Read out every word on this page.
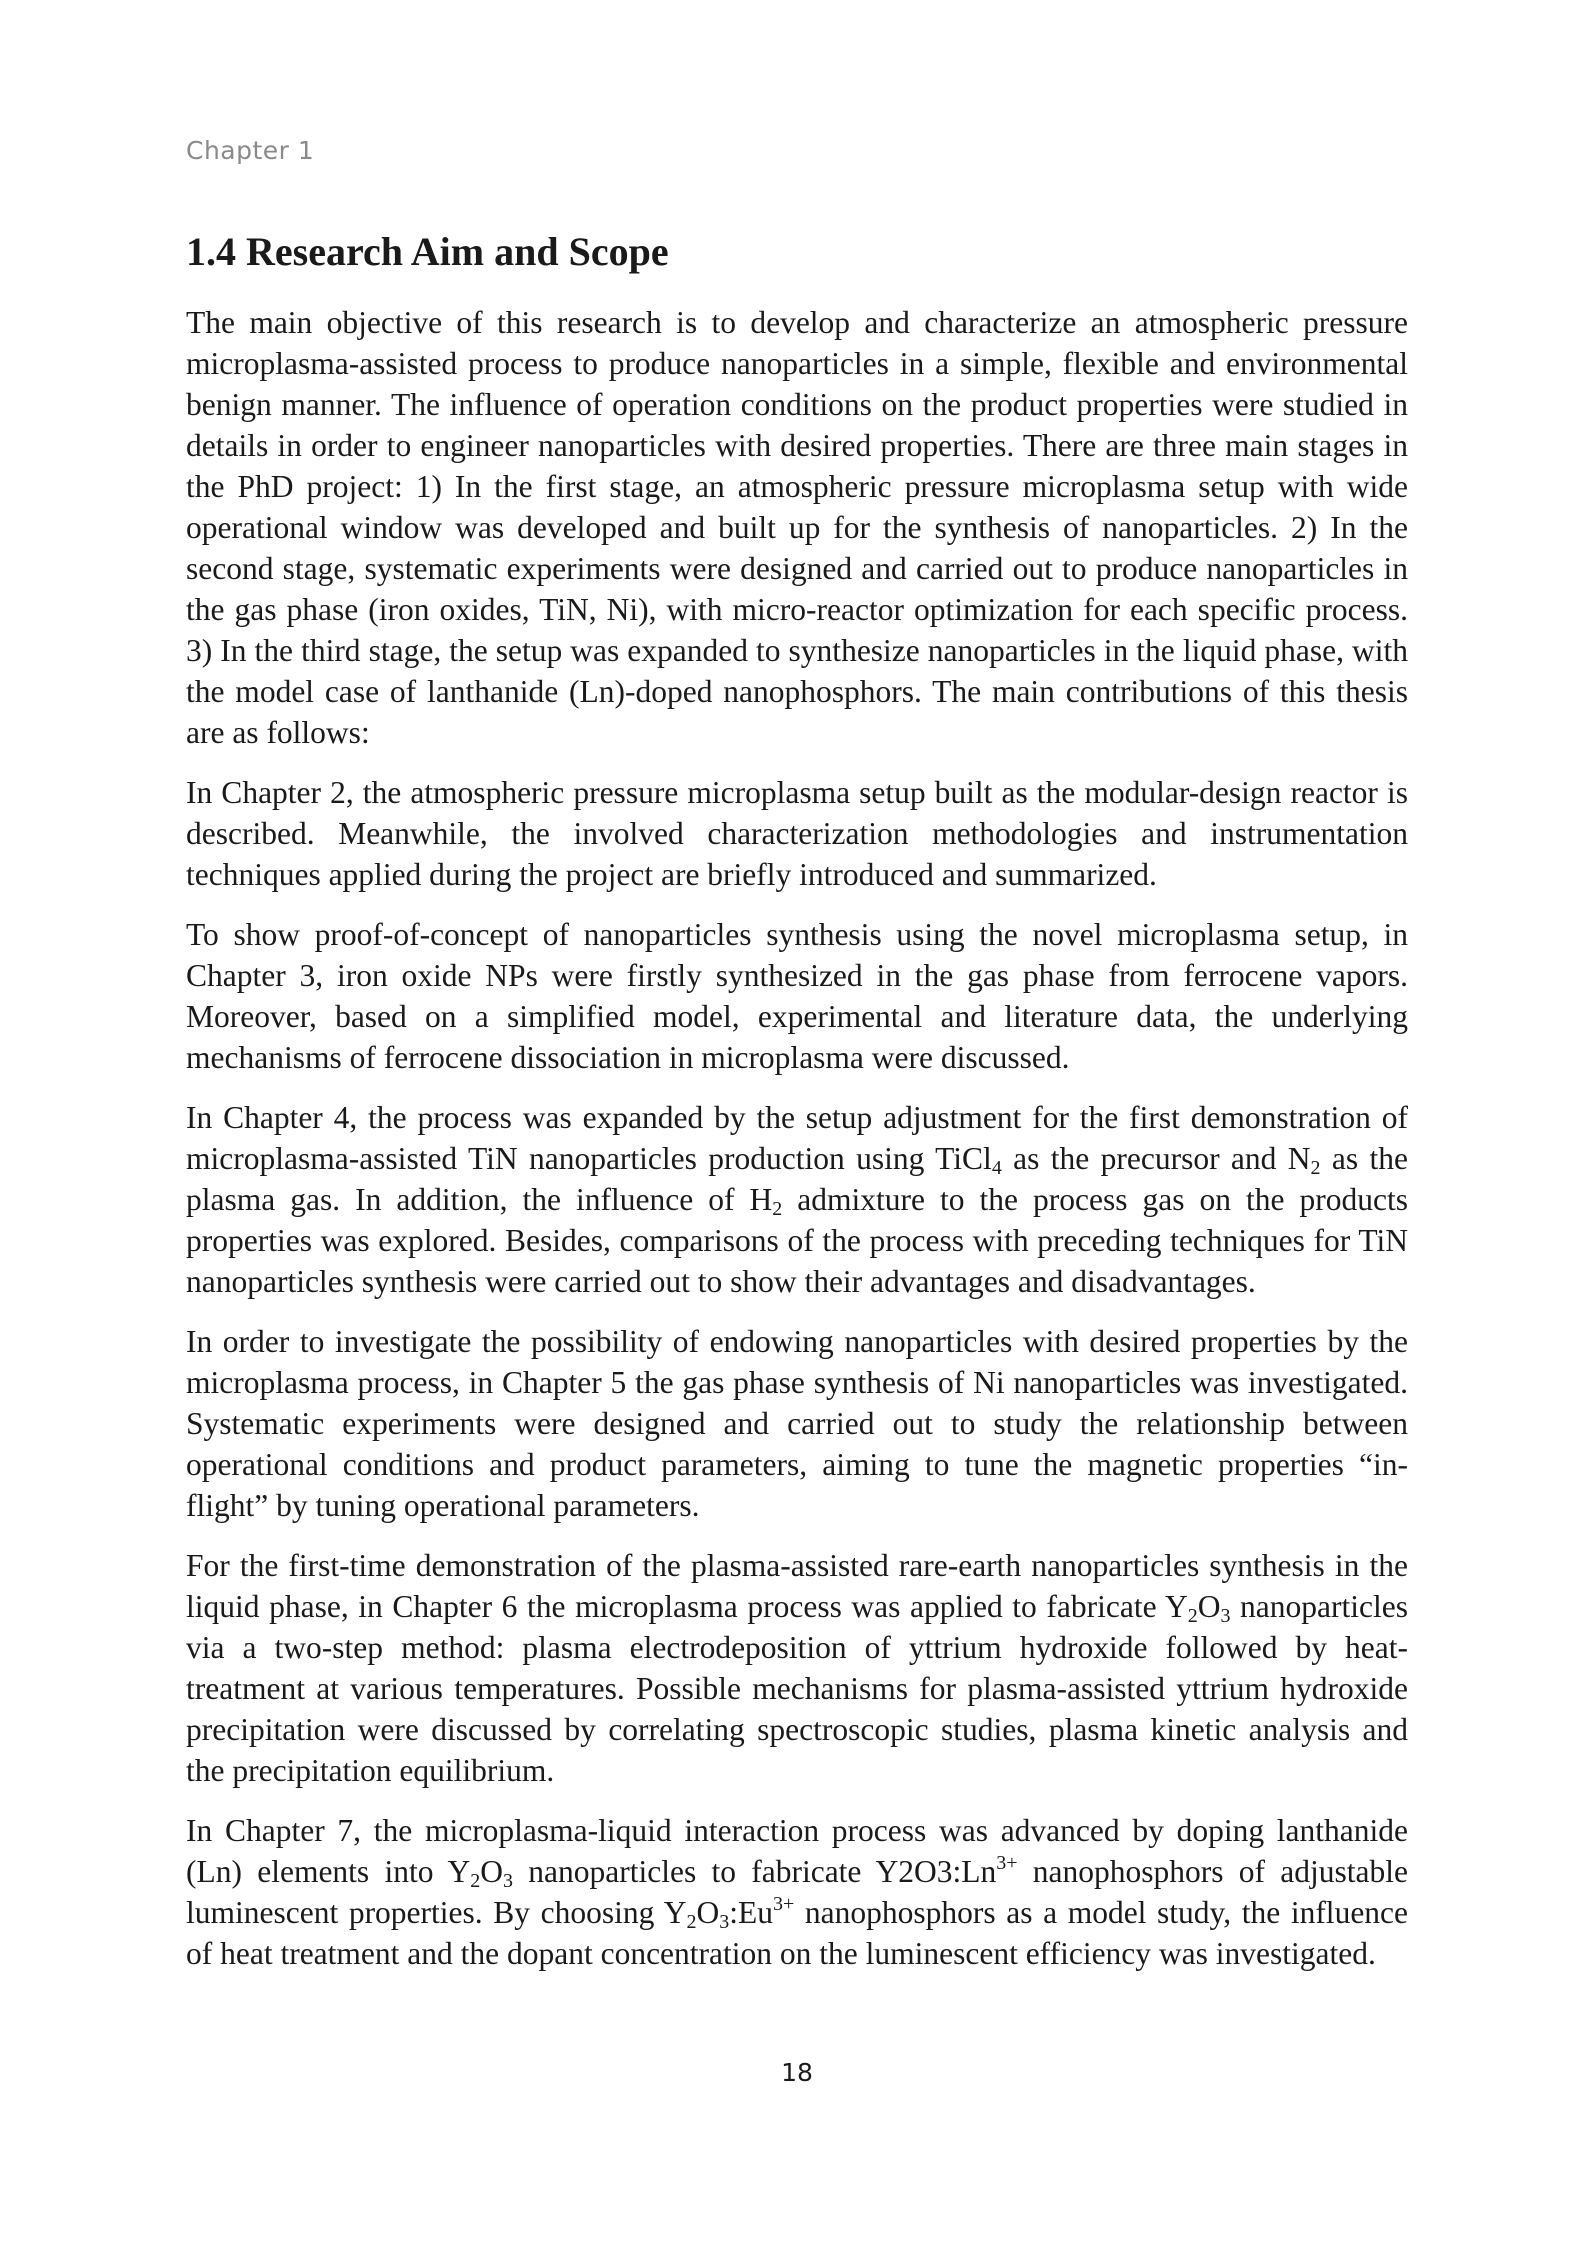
Chapter 1
1.4 Research Aim and Scope

The main objective of this research is to develop and characterize an atmospheric pressure microplasma-assisted process to produce nanoparticles in a simple, flexible and environmental benign manner. The influence of operation conditions on the product properties were studied in details in order to engineer nanoparticles with desired properties. There are three main stages in the PhD project: 1) In the first stage, an atmospheric pressure microplasma setup with wide operational window was developed and built up for the synthesis of nanoparticles. 2) In the second stage, systematic experiments were designed and carried out to produce nanoparticles in the gas phase (iron oxides, TiN, Ni), with micro-reactor optimization for each specific process. 3) In the third stage, the setup was expanded to synthesize nanoparticles in the liquid phase, with the model case of lanthanide (Ln)-doped nanophosphors. The main contributions of this thesis are as follows:

In Chapter 2, the atmospheric pressure microplasma setup built as the modular-design reactor is described. Meanwhile, the involved characterization methodologies and instrumentation techniques applied during the project are briefly introduced and summarized.

To show proof-of-concept of nanoparticles synthesis using the novel microplasma setup, in Chapter 3, iron oxide NPs were firstly synthesized in the gas phase from ferrocene vapors. Moreover, based on a simplified model, experimental and literature data, the underlying mechanisms of ferrocene dissociation in microplasma were discussed.

In Chapter 4, the process was expanded by the setup adjustment for the first demonstration of microplasma-assisted TiN nanoparticles production using TiCl$_4$ as the precursor and $N_2$ as the plasma gas. In addition, the influence of $H_2$ admixture to the process gas on the products properties was explored. Besides, comparisons of the process with preceding techniques for TiN nanoparticles synthesis were carried out to show their advantages and disadvantages.

In order to investigate the possibility of endowing nanoparticles with desired properties by the microplasma process, in Chapter 5 the gas phase synthesis of Ni nanoparticles was investigated. Systematic experiments were designed and carried out to study the relationship between operational conditions and product parameters, aiming to tune the magnetic properties “in-flight” by tuning operational parameters.

For the first-time demonstration of the plasma-assisted rare-earth nanoparticles synthesis in the liquid phase, in Chapter 6 the microplasma process was applied to fabricate $Y_2O_3$ nanoparticles via a two-step method: plasma electrodeposition of yttrium hydroxide followed by heat-treatment at various temperatures. Possible mechanisms for plasma-assisted yttrium hydroxide precipitation were discussed by correlating spectroscopic studies, plasma kinetic analysis and the precipitation equilibrium.

In Chapter 7, the microplasma-liquid interaction process was advanced by doping lanthanide (Ln) elements into $Y_2O_3$ nanoparticles to fabricate $Y2O3:Ln^{3+}$ nanophosphors of adjustable luminescent properties. By choosing $Y_2O_3:Eu^{3+}$ nanophosphors as a model study, the influence of heat treatment and the dopant concentration on the luminescent efficiency was investigated.

18
